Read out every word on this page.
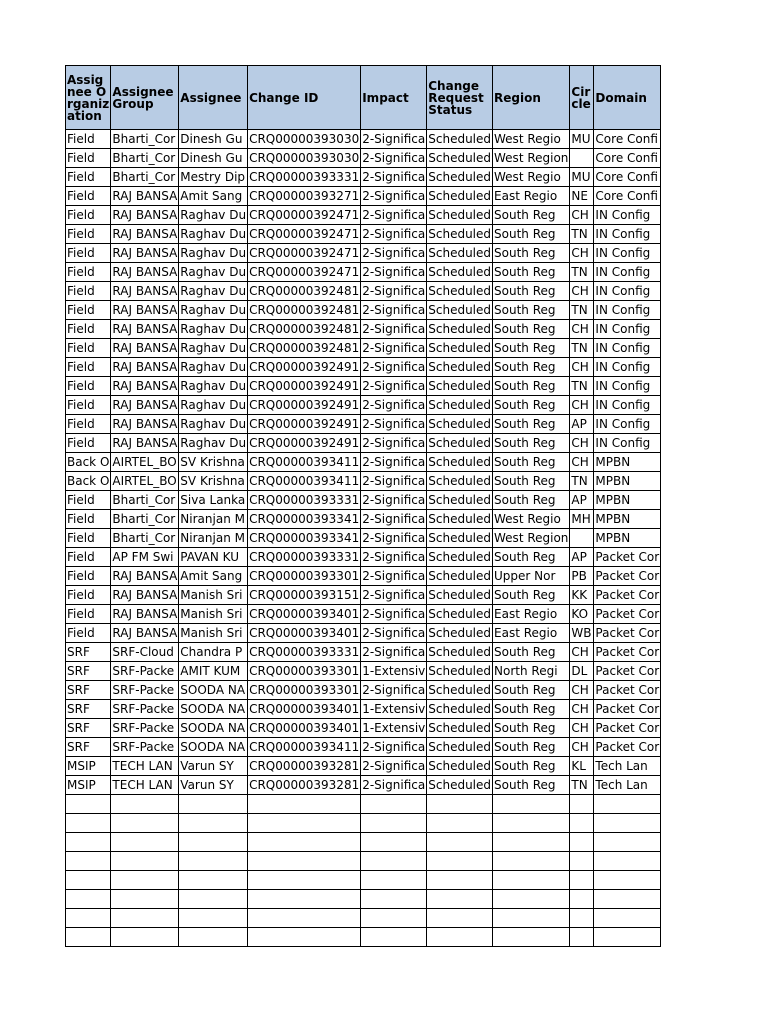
Assignee Organization	Assignee Group	Assignee	Change ID	Impact	Change Request Status	Region	Circle	Domain
Field	Bharti_Cor	Dinesh Gu	CRQ00000393030	2-Significa	Scheduled	West Regio	MU	Core Confi
Field	Bharti_Cor	Dinesh Gu	CRQ00000393030	2-Significa	Scheduled	West Region		Core Confi
Field	Bharti_Cor	Mestry Dip	CRQ00000393331	2-Significa	Scheduled	West Regio	MU	Core Confi
Field	RAJ BANSA	Amit Sang	CRQ00000393271	2-Significa	Scheduled	East Regio	NE	Core Confi
Field	RAJ BANSA	Raghav Du	CRQ00000392471	2-Significa	Scheduled	South Reg	CH	IN Config
Field	RAJ BANSA	Raghav Du	CRQ00000392471	2-Significa	Scheduled	South Reg	TN	IN Config
Field	RAJ BANSA	Raghav Du	CRQ00000392471	2-Significa	Scheduled	South Reg	CH	IN Config
Field	RAJ BANSA	Raghav Du	CRQ00000392471	2-Significa	Scheduled	South Reg	TN	IN Config
Field	RAJ BANSA	Raghav Du	CRQ00000392481	2-Significa	Scheduled	South Reg	CH	IN Config
Field	RAJ BANSA	Raghav Du	CRQ00000392481	2-Significa	Scheduled	South Reg	TN	IN Config
Field	RAJ BANSA	Raghav Du	CRQ00000392481	2-Significa	Scheduled	South Reg	CH	IN Config
Field	RAJ BANSA	Raghav Du	CRQ00000392481	2-Significa	Scheduled	South Reg	TN	IN Config
Field	RAJ BANSA	Raghav Du	CRQ00000392491	2-Significa	Scheduled	South Reg	CH	IN Config
Field	RAJ BANSA	Raghav Du	CRQ00000392491	2-Significa	Scheduled	South Reg	TN	IN Config
Field	RAJ BANSA	Raghav Du	CRQ00000392491	2-Significa	Scheduled	South Reg	CH	IN Config
Field	RAJ BANSA	Raghav Du	CRQ00000392491	2-Significa	Scheduled	South Reg	AP	IN Config
Field	RAJ BANSA	Raghav Du	CRQ00000392491	2-Significa	Scheduled	South Reg	CH	IN Config
Back O	AIRTEL_BO	SV Krishna	CRQ00000393411	2-Significa	Scheduled	South Reg	CH	MPBN
Back O	AIRTEL_BO	SV Krishna	CRQ00000393411	2-Significa	Scheduled	South Reg	TN	MPBN
Field	Bharti_Cor	Siva Lanka	CRQ00000393331	2-Significa	Scheduled	South Reg	AP	MPBN
Field	Bharti_Cor	Niranjan M	CRQ00000393341	2-Significa	Scheduled	West Regio	MH	MPBN
Field	Bharti_Cor	Niranjan M	CRQ00000393341	2-Significa	Scheduled	West Region		MPBN
Field	AP FM Swi	PAVAN KU	CRQ00000393331	2-Significa	Scheduled	South Reg	AP	Packet Cor
Field	RAJ BANSA	Amit Sang	CRQ00000393301	2-Significa	Scheduled	Upper Nor	PB	Packet Cor
Field	RAJ BANSA	Manish Sri	CRQ00000393151	2-Significa	Scheduled	South Reg	KK	Packet Cor
Field	RAJ BANSA	Manish Sri	CRQ00000393401	2-Significa	Scheduled	East Regio	KO	Packet Cor
Field	RAJ BANSA	Manish Sri	CRQ00000393401	2-Significa	Scheduled	East Regio	WB	Packet Cor
SRF	SRF-Cloud	Chandra P	CRQ00000393331	2-Significa	Scheduled	South Reg	CH	Packet Cor
SRF	SRF-Packe	AMIT KUM	CRQ00000393301	1-Extensiv	Scheduled	North Regi	DL	Packet Cor
SRF	SRF-Packe	SOODA NA	CRQ00000393301	2-Significa	Scheduled	South Reg	CH	Packet Cor
SRF	SRF-Packe	SOODA NA	CRQ00000393401	1-Extensiv	Scheduled	South Reg	CH	Packet Cor
SRF	SRF-Packe	SOODA NA	CRQ00000393401	1-Extensiv	Scheduled	South Reg	CH	Packet Cor
SRF	SRF-Packe	SOODA NA	CRQ00000393411	2-Significa	Scheduled	South Reg	CH	Packet Cor
MSIP	TECH LAN	Varun SY	CRQ00000393281	2-Significa	Scheduled	South Reg	KL	Tech Lan
MSIP	TECH LAN	Varun SY	CRQ00000393281	2-Significa	Scheduled	South Reg	TN	Tech Lan
